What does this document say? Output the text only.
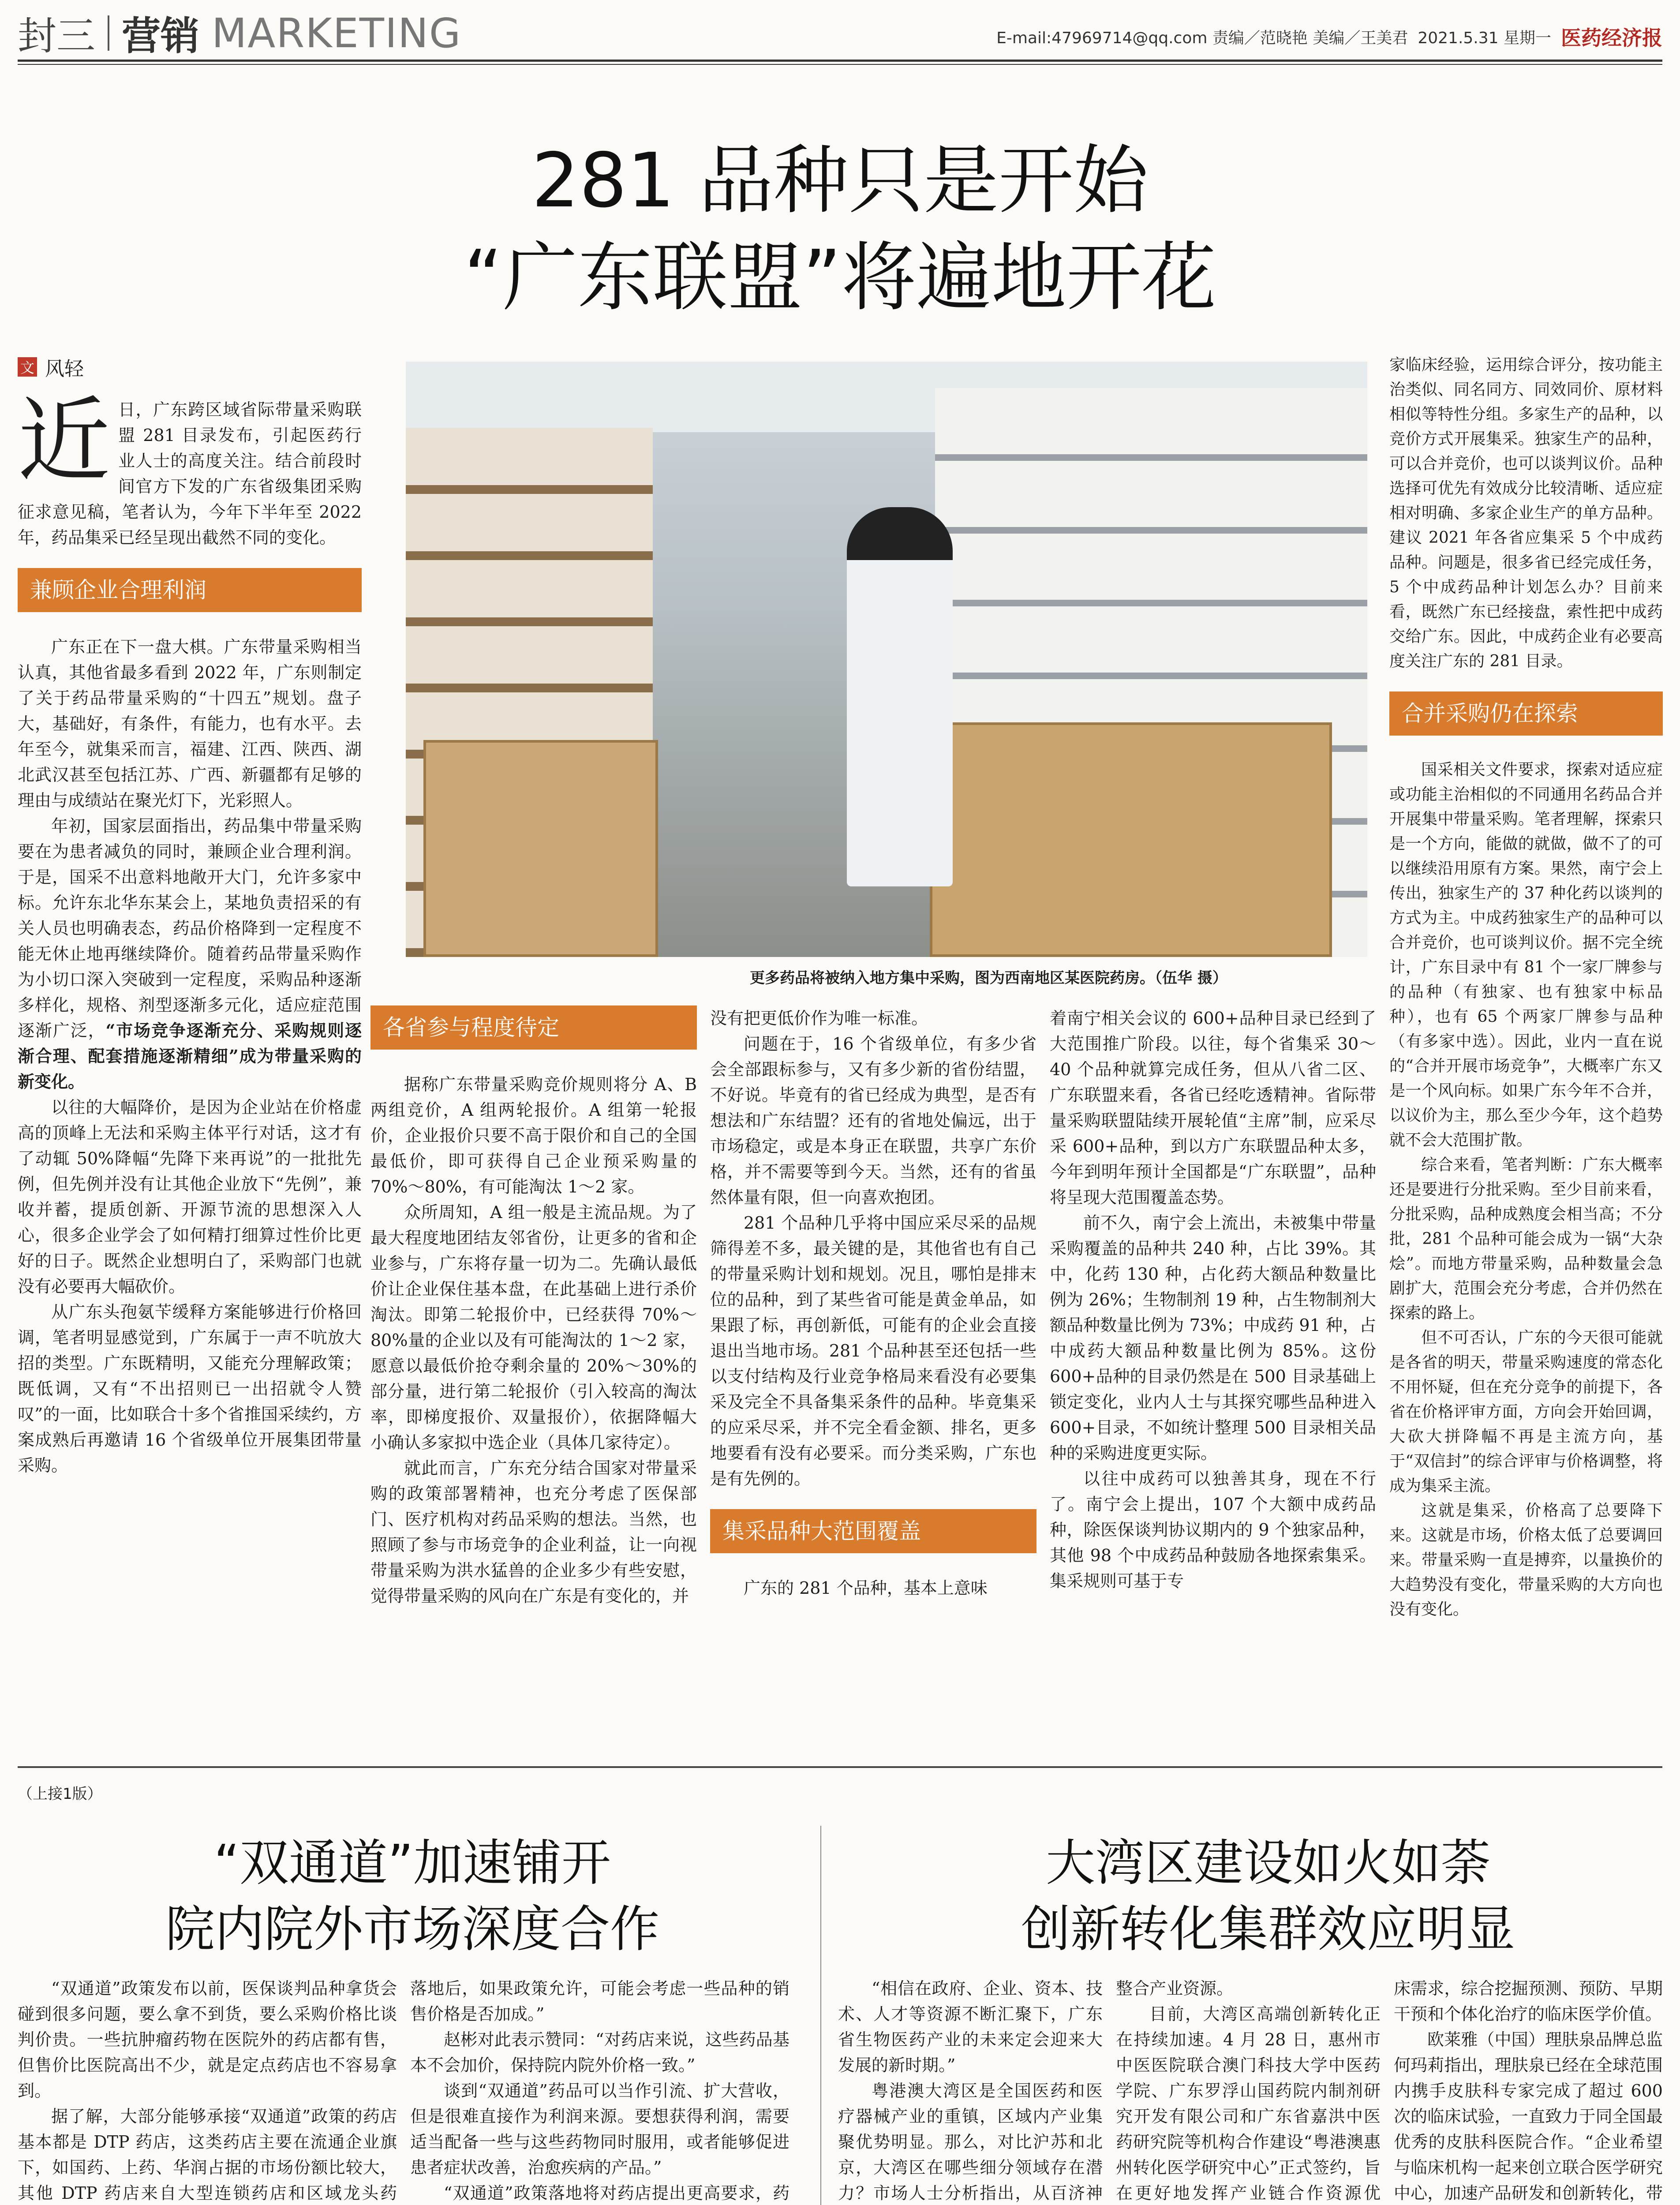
封三 营销 MARKETING	E-mail:47969714@qq.com 责编／范晓艳 美编／王美君 2021.5.31 星期一 医药经济报
281 品种只是开始
“广东联盟”将遍地开花
文 风轻
更多药品将被纳入地方集中采购，图为西南地区某医院药房。（伍华 摄）
近 日，广东跨区域省际带量采购联盟 281 目录发布，引起医药行业人士的高度关注。结合前段时间官方下发的广东省级集团采购征求意见稿，笔者认为，今年下半年至 2022 年，药品集采已经呈现出截然不同的变化。

兼顾企业合理利润

广东正在下一盘大棋。广东带量采购相当认真，其他省最多看到 2022 年，广东则制定了关于药品带量采购的“十四五”规划。盘子大，基础好，有条件，有能力，也有水平。去年至今，就集采而言，福建、江西、陕西、湖北武汉甚至包括江苏、广西、新疆都有足够的理由与成绩站在聚光灯下，光彩照人。

年初，国家层面指出，药品集中带量采购要在为患者减负的同时，兼顾企业合理利润。于是，国采不出意料地敞开大门，允许多家中标。允许东北华东某会上，某地负责招采的有关人员也明确表态，药品价格降到一定程度不能无休止地再继续降价。随着药品带量采购作为小切口深入突破到一定程度，采购品种逐渐多样化，规格、剂型逐渐多元化，适应症范围逐渐广泛，“市场竞争逐渐充分、采购规则逐渐合理、配套措施逐渐精细”成为带量采购的新变化。

以往的大幅降价，是因为企业站在价格虚高的顶峰上无法和采购主体平行对话，这才有了动辄 50%降幅“先降下来再说”的一批批先例，但先例并没有让其他企业放下“先例”，兼收并蓄，提质创新、开源节流的思想深入人心，很多企业学会了如何精打细算过性价比更好的日子。既然企业想明白了，采购部门也就没有必要再大幅砍价。

从广东头孢氨苄缓释方案能够进行价格回调，笔者明显感觉到，广东属于一声不吭放大招的类型。广东既精明，又能充分理解政策；既低调，又有“不出招则已一出招就令人赞叹”的一面，比如联合十多个省推国采续约，方案成熟后再邀请 16 个省级单位开展集团带量采购。

各省参与程度待定

据称广东带量采购竞价规则将分 A、B 两组竞价，A 组两轮报价。A 组第一轮报价，企业报价只要不高于限价和自己的全国最低价，即可获得自己企业预采购量的 70%～80%，有可能淘汰 1～2 家。

众所周知，A 组一般是主流品规。为了最大程度地团结友邻省份，让更多的省和企业参与，广东将存量一切为二。先确认最低价让企业保住基本盘，在此基础上进行杀价淘汰。即第二轮报价中，已经获得 70%～80%量的企业以及有可能淘汰的 1～2 家，愿意以最低价抢夺剩余量的 20%～30%的部分量，进行第二轮报价（引入较高的淘汰率，即梯度报价、双量报价），依据降幅大小确认多家拟中选企业（具体几家待定）。

就此而言，广东充分结合国家对带量采购的政策部署精神，也充分考虑了医保部门、医疗机构对药品采购的想法。当然，也照顾了参与市场竞争的企业利益，让一向视带量采购为洪水猛兽的企业多少有些安慰，觉得带量采购的风向在广东是有变化的，并

没有把更低价作为唯一标准。

问题在于，16 个省级单位，有多少省会全部跟标参与，又有多少新的省份结盟，不好说。毕竟有的省已经成为典型，是否有想法和广东结盟？还有的省地处偏远，出于市场稳定，或是本身正在联盟，共享广东价格，并不需要等到今天。当然，还有的省虽然体量有限，但一向喜欢抱团。

281 个品种几乎将中国应采尽采的品规筛得差不多，最关键的是，其他省也有自己的带量采购计划和规划。况且，哪怕是排末位的品种，到了某些省可能是黄金单品，如果跟了标，再创新低，可能有的企业会直接退出当地市场。281 个品种甚至还包括一些以支付结构及行业竞争格局来看没有必要集采及完全不具备集采条件的品种。毕竟集采的应采尽采，并不完全看金额、排名，更多地要看有没有必要采。而分类采购，广东也是有先例的。

集采品种大范围覆盖

广东的 281 个品种，基本上意味

着南宁相关会议的 600+品种目录已经到了大范围推广阶段。以往，每个省集采 30～40 个品种就算完成任务，但从八省二区、广东联盟来看，各省已经吃透精神。省际带量采购联盟陆续开展轮值“主席”制，应采尽采 600+品种，到以方广东联盟品种太多，今年到明年预计全国都是“广东联盟”，品种将呈现大范围覆盖态势。

前不久，南宁会上流出，未被集中带量采购覆盖的品种共 240 种，占比 39%。其中，化药 130 种，占化药大额品种数量比例为 26%；生物制剂 19 种，占生物制剂大额品种数量比例为 73%；中成药 91 种，占中成药大额品种数量比例为 85%。这份 600+品种的目录仍然是在 500 目录基础上锁定变化，业内人士与其探究哪些品种进入 600+目录，不如统计整理 500 目录相关品种的采购进度更实际。

以往中成药可以独善其身，现在不行了。南宁会上提出，107 个大额中成药品种，除医保谈判协议期内的 9 个独家品种，其他 98 个中成药品种鼓励各地探索集采。集采规则可基于专

家临床经验，运用综合评分，按功能主治类似、同名同方、同效同价、原材料相似等特性分组。多家生产的品种，以竞价方式开展集采。独家生产的品种，可以合并竞价，也可以谈判议价。品种选择可优先有效成分比较清晰、适应症相对明确、多家企业生产的单方品种。建议 2021 年各省应集采 5 个中成药品种。问题是，很多省已经完成任务，5 个中成药品种计划怎么办？目前来看，既然广东已经接盘，索性把中成药交给广东。因此，中成药企业有必要高度关注广东的 281 目录。

合并采购仍在探索

国采相关文件要求，探索对适应症或功能主治相似的不同通用名药品合并开展集中带量采购。笔者理解，探索只是一个方向，能做的就做，做不了的可以继续沿用原有方案。果然，南宁会上传出，独家生产的 37 种化药以谈判的方式为主。中成药独家生产的品种可以合并竞价，也可谈判议价。据不完全统计，广东目录中有 81 个一家厂牌参与的品种（有独家、也有独家中标品种），也有 65 个两家厂牌参与品种（有多家中选）。因此，业内一直在说的“合并开展市场竞争”，大概率广东又是一个风向标。如果广东今年不合并，以议价为主，那么至少今年，这个趋势就不会大范围扩散。

综合来看，笔者判断：广东大概率还是要进行分批采购。至少目前来看，分批采购，品种成熟度会相当高；不分批，281 个品种可能会成为一锅“大杂烩”。而地方带量采购，品种数量会急剧扩大，范围会充分考虑，合并仍然在探索的路上。

但不可否认，广东的今天很可能就是各省的明天，带量采购速度的常态化不用怀疑，但在充分竞争的前提下，各省在价格评审方面，方向会开始回调，大砍大拼降幅不再是主流方向，基于“双信封”的综合评审与价格调整，将成为集采主流。

这就是集采，价格高了总要降下来。这就是市场，价格太低了总要调回来。带量采购一直是搏弈，以量换价的大趋势没有变化，带量采购的大方向也没有变化。

（上接1版）
“双通道”加速铺开
院内院外市场深度合作

“双通道”政策发布以前，医保谈判品种拿货会碰到很多问题，要么拿不到货，要么采购价格比谈判价贵。一些抗肿瘤药物在医院外的药店都有售，但售价比医院高出不少，就是定点药店也不容易拿到。

据了解，大部分能够承接“双通道”政策的药店基本都是 DTP 药店，这类药店主要在流通企业旗下，如国药、上药、华润占据的市场份额比较大，其他 DTP 药店来自大型连锁药店和区域龙头药

落地后，如果政策允许，可能会考虑一些品种的销售价格是否加成。”

赵彬对此表示赞同：“对药店来说，这些药品基本不会加价，保持院内院外价格一致。”

谈到“双通道”药品可以当作引流、扩大营收，但是很难直接作为利润来源。要想获得利润，需要适当配备一些与这些药物同时服用，或者能够促进患者症状改善，治愈疾病的产品。”

“双通道”政策落地将对药店提出更高要求，药

大湾区建设如火如荼
创新转化集群效应明显

“相信在政府、企业、资本、技术、人才等资源不断汇聚下，广东省生物医药产业的未来定会迎来大发展的新时期。”

粤港澳大湾区是全国医药和医疗器械产业的重镇，区域内产业集聚优势明显。那么，对比沪苏和北京，大湾区在哪些细分领域存在潜力？市场人士分析指出，从百济神

整合产业资源。

目前，大湾区高端创新转化正在持续加速。4 月 28 日，惠州市中医医院联合澳门科技大学中医药学院、广东罗浮山国药院内制剂研究开发有限公司和广东省嘉洪中医药研究院等机构合作建设“粤港澳惠州转化医学研究中心”正式签约，旨在更好地发挥产业链合作资源优

床需求，综合挖掘预测、预防、早期干预和个体化治疗的临床医学价值。

欧莱雅（中国）理肤泉品牌总监何玛莉指出，理肤泉已经在全球范围内携手皮肤科专家完成了超过 600 次的临床试验，一直致力于同全国最优秀的皮肤科医院合作。“企业希望与临床机构一起来创立联合医学研究中心，加速产品研发和创新转化，带
